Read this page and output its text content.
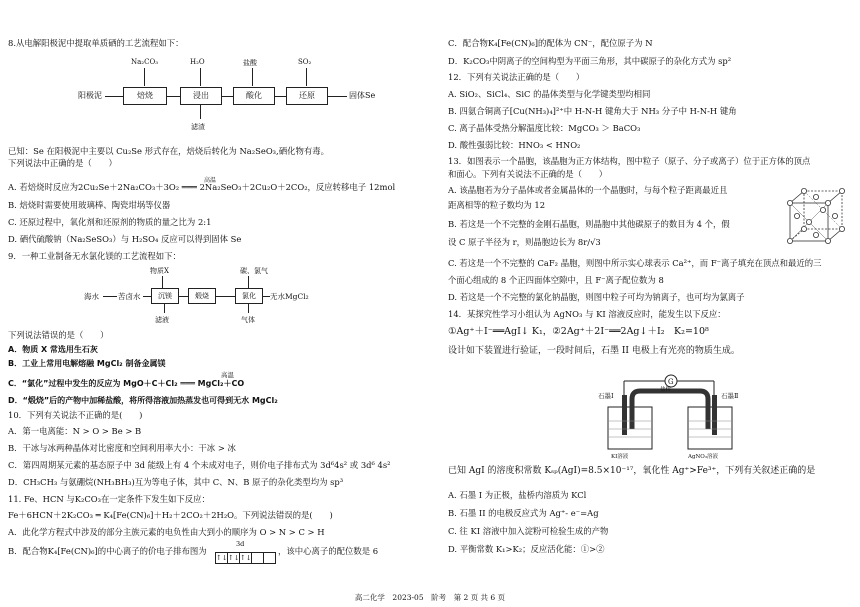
8.从电解阳极泥中提取单质硒的工艺流程如下：
Na₂CO₃	H₂O	盐酸	SO₂
阳极泥	焙烧	浸出	酸化	还原	固体Se
滤渣
已知：Se 在阳极泥中主要以 Cu₂Se 形式存在，焙烧后转化为 Na₂SeO₃,硒化物有毒。
下列说法中正确的是（　　）
高温
A. 若焙烧时反应为2Cu₂Se＋2Na₂CO₃＋3O₂ ═══ 2Na₂SeO₃＋2Cu₂O＋2CO₂，反应转移电子 12mol
B. 焙烧时需要使用玻璃棒、陶瓷坩埚等仪器
C. 还原过程中，氧化剂和还原剂的物质的量之比为 2:1
D. 硒代硫酸钠（Na₂SeSO₃）与 H₂SO₄ 反应可以得到固体 Se
9．一种工业制备无水氯化镁的工艺流程如下：
物质X	碳、氯气
海水	苦卤水	沉镁	煅烧	氯化	无水MgCl₂
滤液	气体
下列说法错误的是（　　）
A．物质 X 常选用生石灰
B．工业上常用电解熔融 MgCl₂ 制备金属镁
高温
C．“氯化”过程中发生的反应为 MgO＋C＋Cl₂ ═══ MgCl₂＋CO
D．“煅烧”后的产物中加稀盐酸，将所得溶液加热蒸发也可得到无水 MgCl₂
10．下列有关说法不正确的是(　　)
A．第一电离能：N > O > Be > B
B．干冰与冰两种晶体对比密度和空间利用率大小：干冰 > 冰
C．第四周期某元素的基态原子中 3d 能级上有 4 个未成对电子，则价电子排布式为 3d⁶4s² 或 3d⁶ 4s²
D．CH₃CH₃ 与氨硼烷(NH₃BH₃)互为等电子体，其中 C、N、B 原子的杂化类型均为 sp³
11. Fe、HCN 与K₂CO₃在一定条件下发生如下反应：
Fe＋6HCN＋2K₂CO₃ ═ K₄[Fe(CN)₆]＋H₂＋2CO₂＋2H₂O。下列说法错误的是(　　)
A．此化学方程式中涉及的部分主族元素的电负性由大到小的顺序为 O > N > C > H
B．配合物K₄[Fe(CN)₆]的中心离子的价电子排布图为
3d
↑↓↑↓↑↓
，该中心离子的配位数是 6
C．配合物K₄[Fe(CN)₆]的配体为 CN⁻，配位原子为 N
D．K₂CO₃中阴离子的空间构型为平面三角形，其中碳原子的杂化方式为 sp²
12．下列有关说法正确的是（　　）
A. SiO₂、SiCl₄、SiC 的晶体类型与化学键类型均相同
B. 四氨合铜离子[Cu(NH₃)₄]²⁺中 H-N-H 键角大于 NH₃ 分子中 H-N-H 键角
C. 离子晶体受热分解温度比较：MgCO₃ ＞ BaCO₃
D. 酸性强弱比较：HNO₃ < HNO₂
13．如图表示一个晶胞，该晶胞为正方体结构，图中粒子（原子、分子或离子）位于正方体的顶点
和面心。下列有关说法不正确的是（　　）
A. 该晶胞若为分子晶体或者金属晶体的一个晶胞时，与每个粒子距离最近且
距离相等的粒子数均为 12
B. 若这是一个不完整的金刚石晶胞，则晶胞中其他碳原子的数目为 4 个，假
设 C 原子半径为 r，则晶胞边长为 8r/√3
C. 若这是一个不完整的 CaF₂ 晶胞，则图中所示实心球表示 Ca²⁺，而 F⁻离子填充在顶点和最近的三
个面心组成的 8 个正四面体空隙中，且 F⁻离子配位数为 8
D. 若这是一个不完整的氯化钠晶胞，则图中粒子可均为钠离子，也可均为氯离子
14．某探究性学习小组认为 AgNO₃ 与 KI 溶液反应时，能发生以下反应：
①Ag⁺＋I⁻══AgI↓ K₁，②2Ag⁺＋2I⁻══2Ag↓＋I₂　K₂=10⁸
设计如下装置进行验证，一段时间后，石墨 II 电极上有光亮的物质生成。
G
石墨Ⅰ	石墨Ⅱ
盐桥
KI溶液	AgNO₃溶液
已知 AgI 的溶度积常数 Kₛₚ(AgI)=8.5×10⁻¹⁷，氧化性 Ag⁺>Fe³⁺，下列有关叙述正确的是
A. 石墨 I 为正极，盐桥内溶质为 KCl
B. 石墨 II 的电极反应式为 Ag⁺- e⁻=Ag
C. 往 KI 溶液中加入淀粉可检验生成的产物
D. 平衡常数 K₁>K₂；反应活化能：①>②
高二化学　2023-05　阶考　第 2 页 共 6 页
